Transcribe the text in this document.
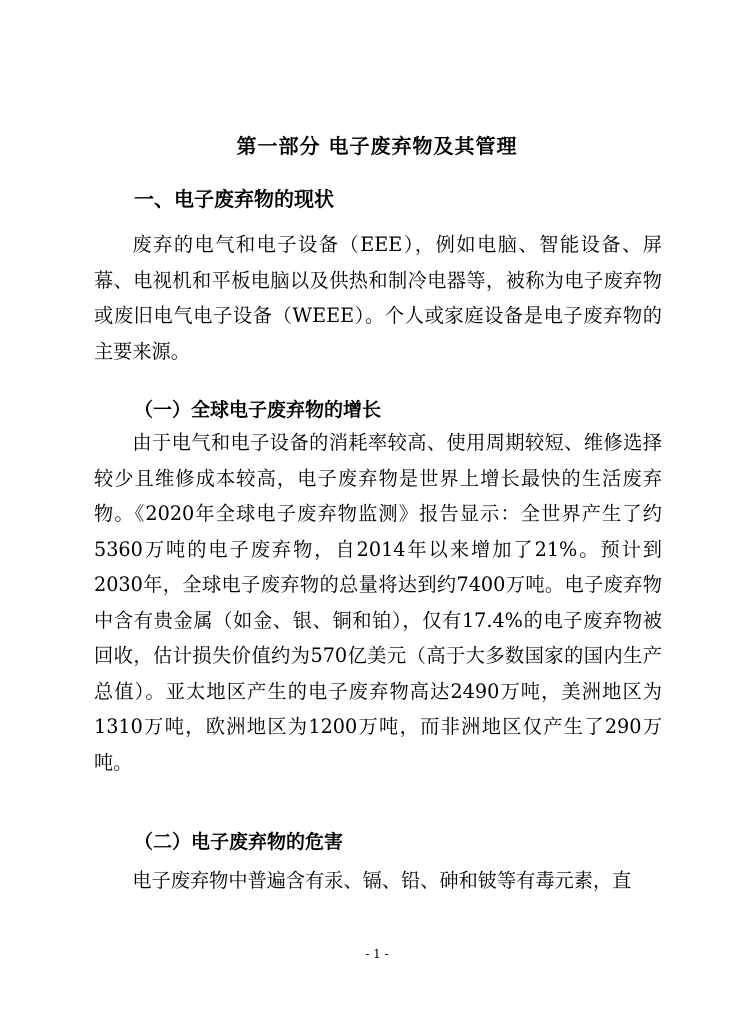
第一部分 电子废弃物及其管理
一、电子废弃物的现状

废弃的电气和电子设备（EEE），例如电脑、智能设备、屏幕、电视机和平板电脑以及供热和制冷电器等，被称为电子废弃物或废旧电气电子设备（WEEE）。个人或家庭设备是电子废弃物的主要来源。

（一）全球电子废弃物的增长

由于电气和电子设备的消耗率较高、使用周期较短、维修选择较少且维修成本较高，电子废弃物是世界上增长最快的生活废弃物。《2020年全球电子废弃物监测》报告显示：全世界产生了约5360万吨的电子废弃物，自2014年以来增加了21%。预计到2030年，全球电子废弃物的总量将达到约7400万吨。电子废弃物中含有贵金属（如金、银、铜和铂），仅有17.4%的电子废弃物被回收，估计损失价值约为570亿美元（高于大多数国家的国内生产总值）。亚太地区产生的电子废弃物高达2490万吨，美洲地区为1310万吨，欧洲地区为1200万吨，而非洲地区仅产生了290万吨。

（二）电子废弃物的危害

电子废弃物中普遍含有汞、镉、铅、砷和铍等有毒元素，直

- 1 -
